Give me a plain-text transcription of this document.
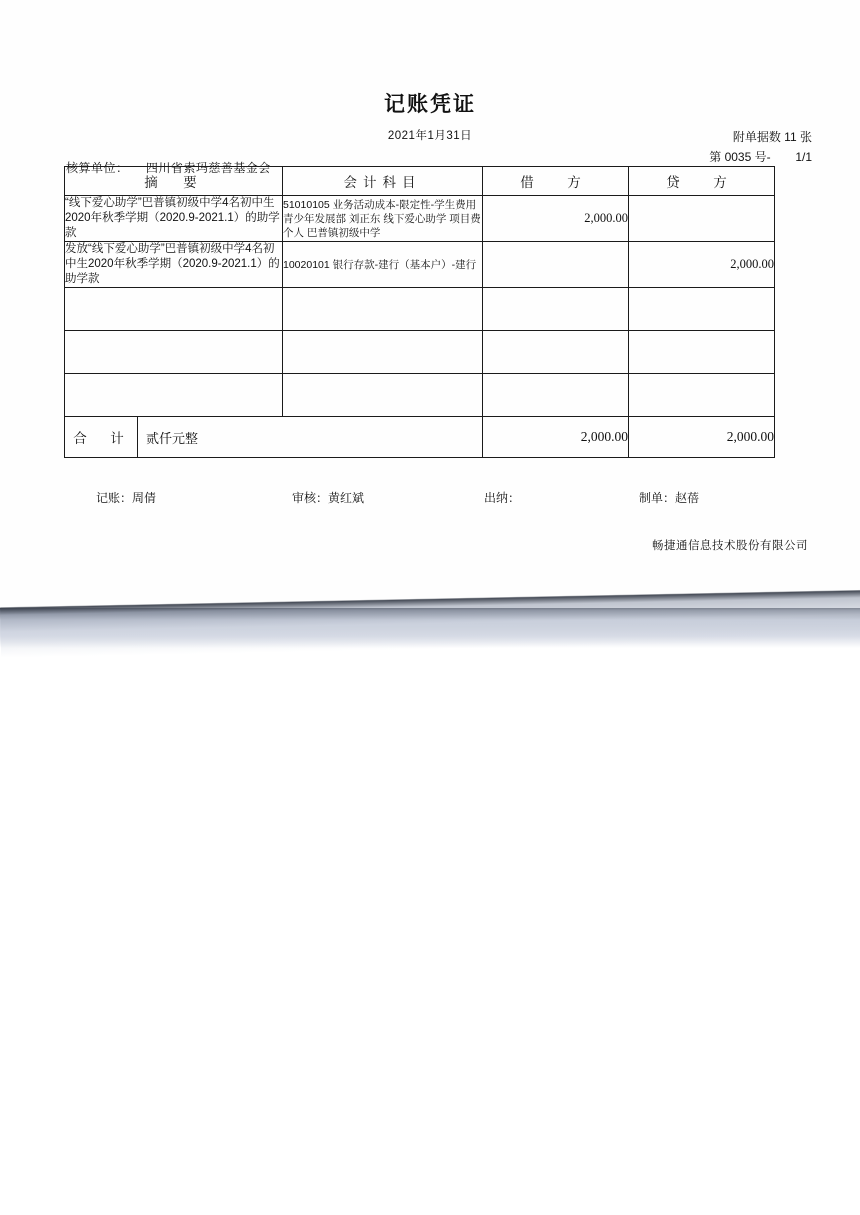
记账凭证
2021年1月31日	附单据数 11 张
第 0035 号- 1/1
核算单位： 四川省索玛慈善基金会
摘　要	会计科目	借　方	贷　方
“线下爱心助学”巴普镇初级中学4名初中生2020年秋季学期（2020.9-2021.1）的助学款	51010105 业务活动成本-限定性-学生费用 青少年发展部 刘正东 线下爱心助学 项目费 个人 巴普镇初级中学	2,000.00	
发放“线下爱心助学”巴普镇初级中学4名初中生2020年秋季学期（2020.9-2021.1）的助学款	10020101 银行存款-建行（基本户）-建行		2,000.00

合　计 贰仟元整		2,000.00	2,000.00
记账：周倩	审核：黄红斌	出纳：	制单：赵蓓
畅捷通信息技术股份有限公司
